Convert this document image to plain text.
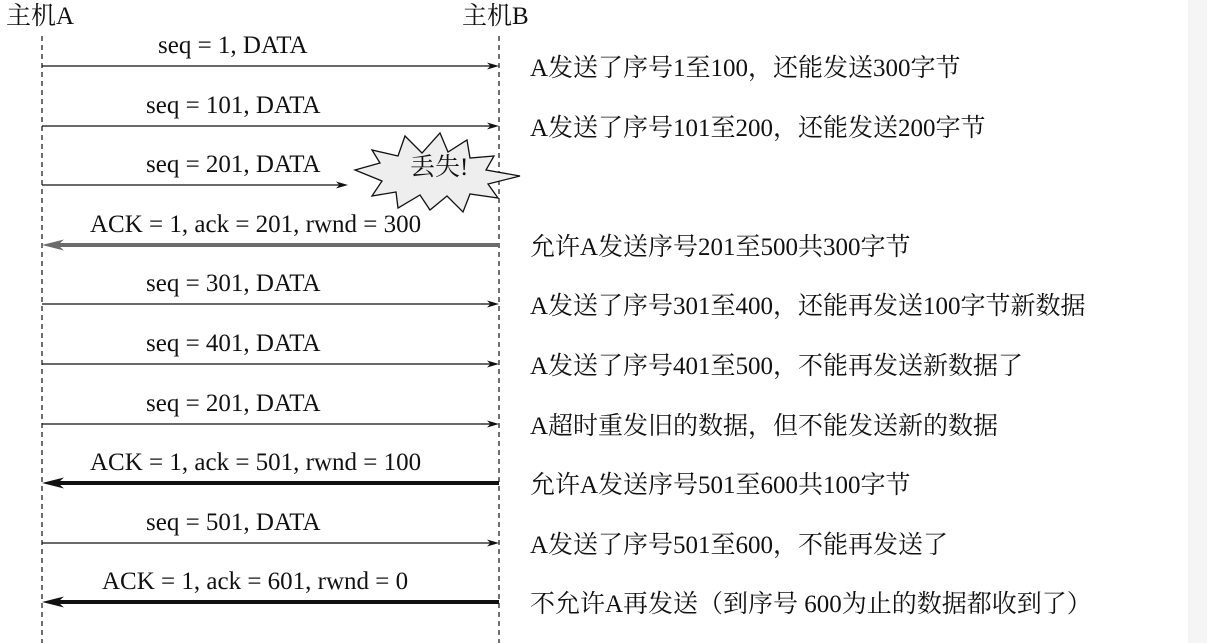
主机A	主机B
丢失!
seq = 1, DATA
seq = 101, DATA
seq = 201, DATA
ACK = 1, ack = 201, rwnd = 300
seq = 301, DATA
seq = 401, DATA
seq = 201, DATA
ACK = 1, ack = 501, rwnd = 100
seq = 501, DATA
ACK = 1, ack = 601, rwnd = 0
A发送了序号1至100，还能发送300字节
A发送了序号101至200，还能发送200字节
允许A发送序号201至500共300字节
A发送了序号301至400，还能再发送100字节新数据
A发送了序号401至500，不能再发送新数据了
A超时重发旧的数据，但不能发送新的数据
允许A发送序号501至600共100字节
A发送了序号501至600，不能再发送了
不允许A再发送（到序号 600为止的数据都收到了）
